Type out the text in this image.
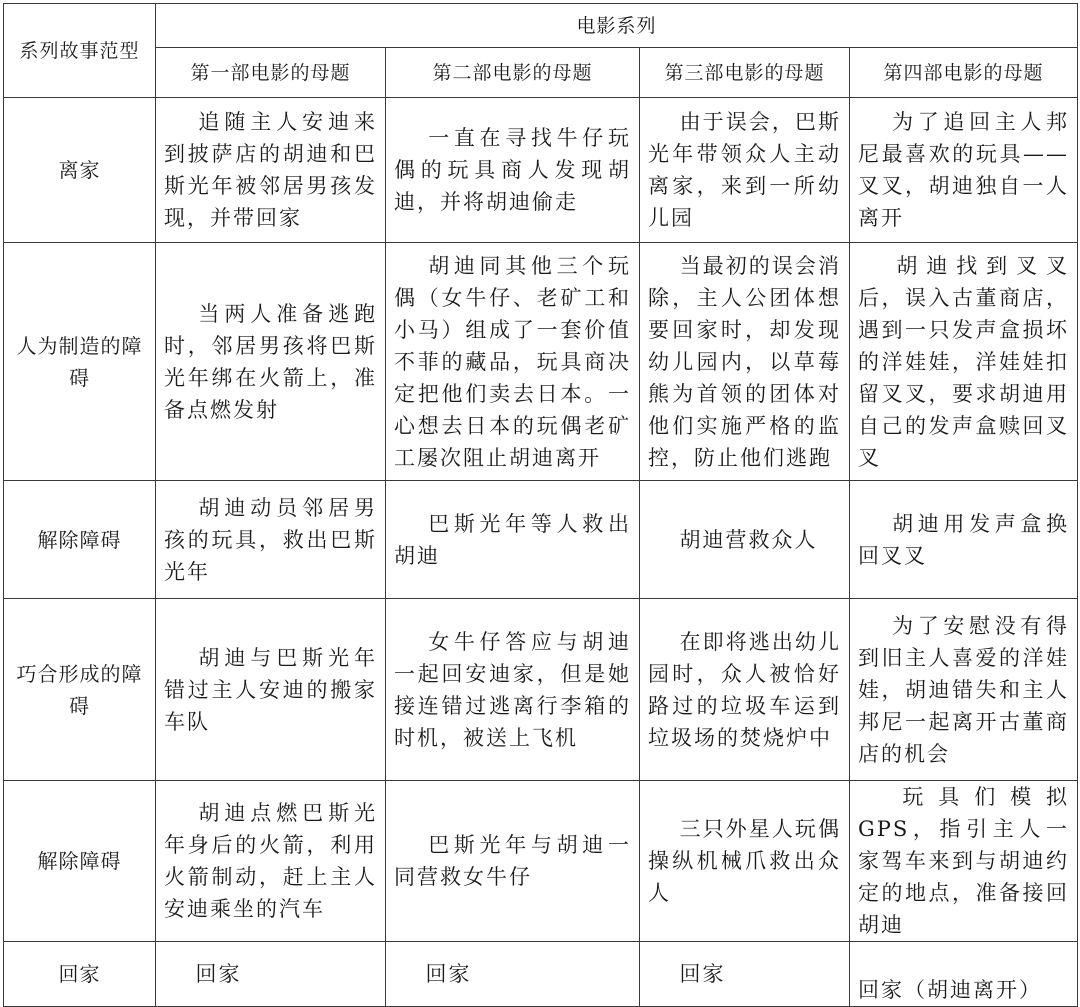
系列故事范型	电影系列			
	第一部电影的母题	第二部电影的母题	第三部电影的母题	第四部电影的母题
离家	追随主人安迪来到披萨店的胡迪和巴斯光年被邻居男孩发现，并带回家	一直在寻找牛仔玩偶的玩具商人发现胡迪，并将胡迪偷走	由于误会，巴斯光年带领众人主动离家，来到一所幼儿园	为了追回主人邦尼最喜欢的玩具——叉叉，胡迪独自一人离开
人为制造的障碍	当两人准备逃跑时，邻居男孩将巴斯光年绑在火箭上，准备点燃发射	胡迪同其他三个玩偶（女牛仔、老矿工和小马）组成了一套价值不菲的藏品，玩具商决定把他们卖去日本。一心想去日本的玩偶老矿工屡次阻止胡迪离开	当最初的误会消除，主人公团体想要回家时，却发现幼儿园内，以草莓熊为首领的团体对他们实施严格的监控，防止他们逃跑	胡迪找到叉叉后，误入古董商店，遇到一只发声盒损坏的洋娃娃，洋娃娃扣留叉叉，要求胡迪用自己的发声盒赎回叉叉
解除障碍	胡迪动员邻居男孩的玩具，救出巴斯光年	巴斯光年等人救出胡迪	胡迪营救众人	胡迪用发声盒换回叉叉
巧合形成的障碍	胡迪与巴斯光年错过主人安迪的搬家车队	女牛仔答应与胡迪一起回安迪家，但是她接连错过逃离行李箱的时机，被送上飞机	在即将逃出幼儿园时，众人被恰好路过的垃圾车运到垃圾场的焚烧炉中	为了安慰没有得到旧主人喜爱的洋娃娃，胡迪错失和主人邦尼一起离开古董商店的机会
解除障碍	胡迪点燃巴斯光年身后的火箭，利用火箭制动，赶上主人安迪乘坐的汽车	巴斯光年与胡迪一同营救女牛仔	三只外星人玩偶操纵机械爪救出众人	玩具们模拟GPS，指引主人一家驾车来到与胡迪约定的地点，准备接回胡迪
回家	回家	回家	回家	回家（胡迪离开）
